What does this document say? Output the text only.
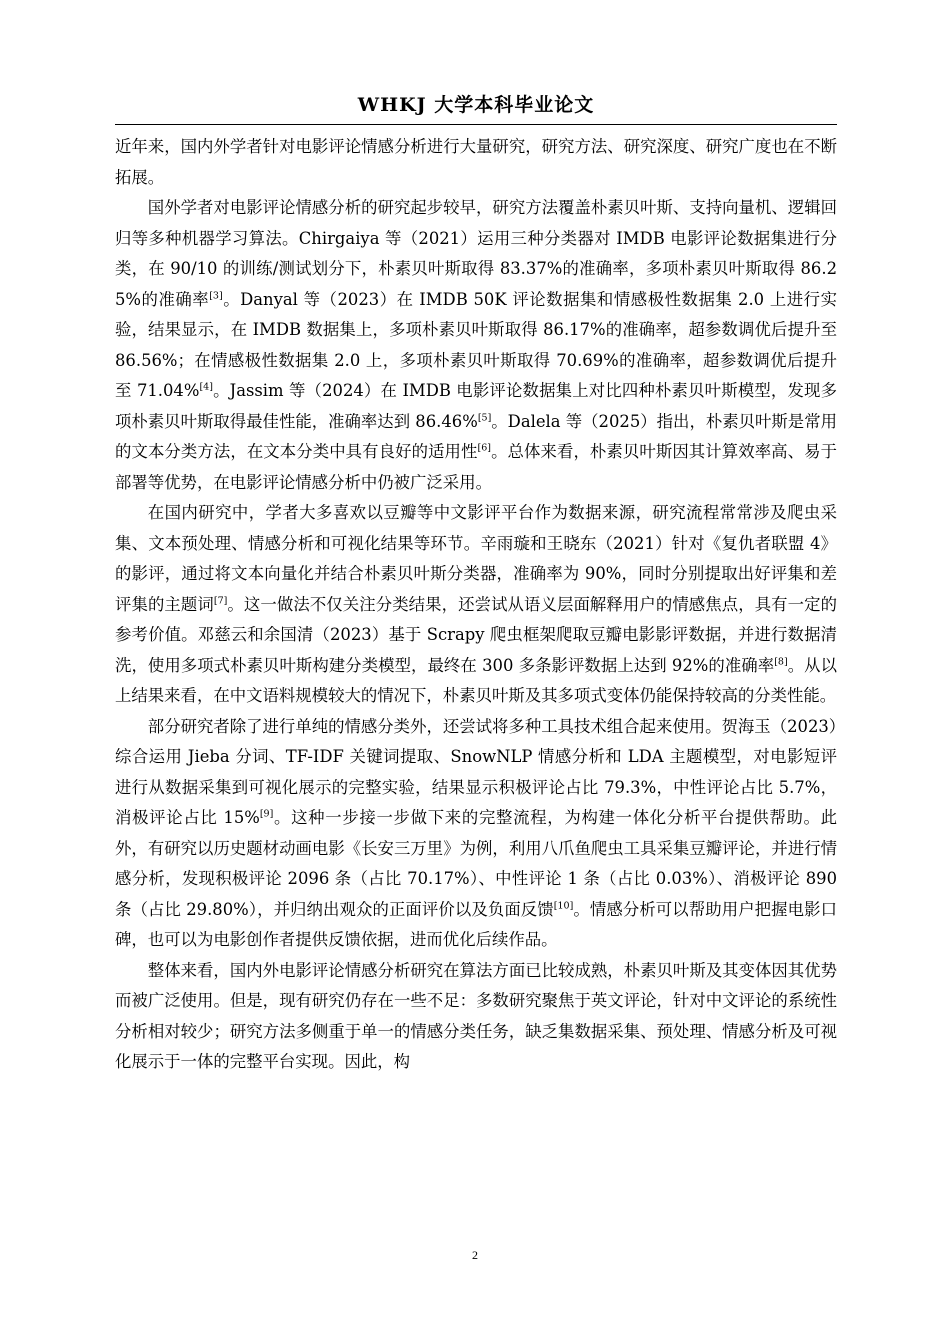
WHKJ 大学本科毕业论文

近年来，国内外学者针对电影评论情感分析进行大量研究，研究方法、研究深度、研究广度也在不断拓展。

国外学者对电影评论情感分析的研究起步较早，研究方法覆盖朴素贝叶斯、支持向量机、逻辑回归等多种机器学习算法。Chirgaiya 等（2021）运用三种分类器对 IMDB 电影评论数据集进行分类，在 90/10 的训练/测试划分下，朴素贝叶斯取得 83.37%的准确率，多项朴素贝叶斯取得 86.25%的准确率[3]。Danyal 等（2023）在 IMDB 50K 评论数据集和情感极性数据集 2.0 上进行实验，结果显示，在 IMDB 数据集上，多项朴素贝叶斯取得 86.17%的准确率，超参数调优后提升至 86.56%；在情感极性数据集 2.0 上，多项朴素贝叶斯取得 70.69%的准确率，超参数调优后提升至 71.04%[4]。Jassim 等（2024）在 IMDB 电影评论数据集上对比四种朴素贝叶斯模型，发现多项朴素贝叶斯取得最佳性能，准确率达到 86.46%[5]。Dalela 等（2025）指出，朴素贝叶斯是常用的文本分类方法，在文本分类中具有良好的适用性[6]。总体来看，朴素贝叶斯因其计算效率高、易于部署等优势，在电影评论情感分析中仍被广泛采用。

在国内研究中，学者大多喜欢以豆瓣等中文影评平台作为数据来源，研究流程常常涉及爬虫采集、文本预处理、情感分析和可视化结果等环节。辛雨璇和王晓东（2021）针对《复仇者联盟 4》的影评，通过将文本向量化并结合朴素贝叶斯分类器，准确率为 90%，同时分别提取出好评集和差评集的主题词[7]。这一做法不仅关注分类结果，还尝试从语义层面解释用户的情感焦点，具有一定的参考价值。邓慈云和余国清（2023）基于 Scrapy 爬虫框架爬取豆瓣电影影评数据，并进行数据清洗，使用多项式朴素贝叶斯构建分类模型，最终在 300 多条影评数据上达到 92%的准确率[8]。从以上结果来看，在中文语料规模较大的情况下，朴素贝叶斯及其多项式变体仍能保持较高的分类性能。

部分研究者除了进行单纯的情感分类外，还尝试将多种工具技术组合起来使用。贺海玉（2023）综合运用 Jieba 分词、TF-IDF 关键词提取、SnowNLP 情感分析和 LDA 主题模型，对电影短评进行从数据采集到可视化展示的完整实验，结果显示积极评论占比 79.3%，中性评论占比 5.7%，消极评论占比 15%[9]。这种一步接一步做下来的完整流程，为构建一体化分析平台提供帮助。此外，有研究以历史题材动画电影《长安三万里》为例，利用八爪鱼爬虫工具采集豆瓣评论，并进行情感分析，发现积极评论 2096 条（占比 70.17%）、中性评论 1 条（占比 0.03%）、消极评论 890 条（占比 29.80%），并归纳出观众的正面评价以及负面反馈[10]。情感分析可以帮助用户把握电影口碑，也可以为电影创作者提供反馈依据，进而优化后续作品。

整体来看，国内外电影评论情感分析研究在算法方面已比较成熟，朴素贝叶斯及其变体因其优势而被广泛使用。但是，现有研究仍存在一些不足：多数研究聚焦于英文评论，针对中文评论的系统性分析相对较少；研究方法多侧重于单一的情感分类任务，缺乏集数据采集、预处理、情感分析及可视化展示于一体的完整平台实现。因此，构

2
